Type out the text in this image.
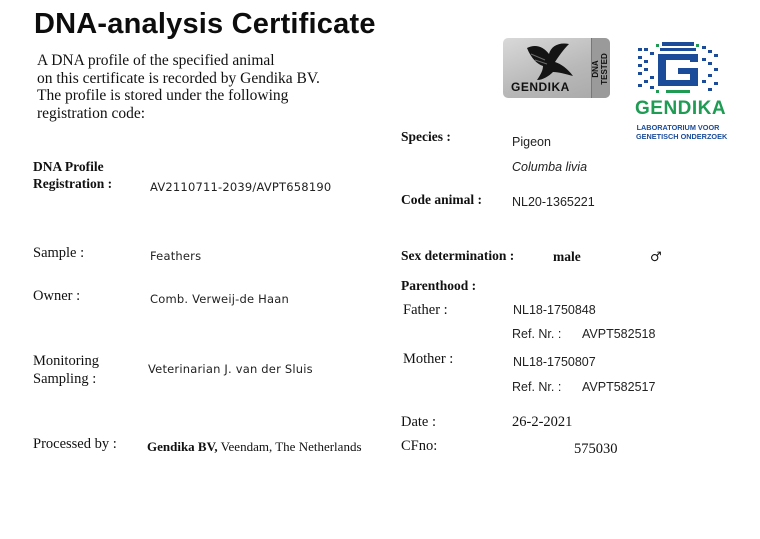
DNA-analysis Certificate
A DNA profile of the specified animal
on this certificate is recorded by Gendika BV.
The profile is stored under the following
registration code:
GENDIKA
DNA TESTED
GENDIKA
LABORATORIUM VOOR
GENETISCH ONDERZOEK
DNA Profile
Registration :	AV2110711-2039/AVPT658190
Sample :	Feathers
Owner :	Comb. Verweij-de Haan
Monitoring
Sampling :
Veterinarian J. van der Sluis
Processed by : Gendika BV, Veendam, The Netherlands
Species :	Pigeon
Columba livia
Code animal : NL20-1365221
Sex determination :	male	♂
Parenthood :
Father :	NL18-1750848
Ref. Nr. : AVPT582518
Mother :	NL18-1750807
Ref. Nr. : AVPT582517
Date :	26-2-2021
CFno:	575030
